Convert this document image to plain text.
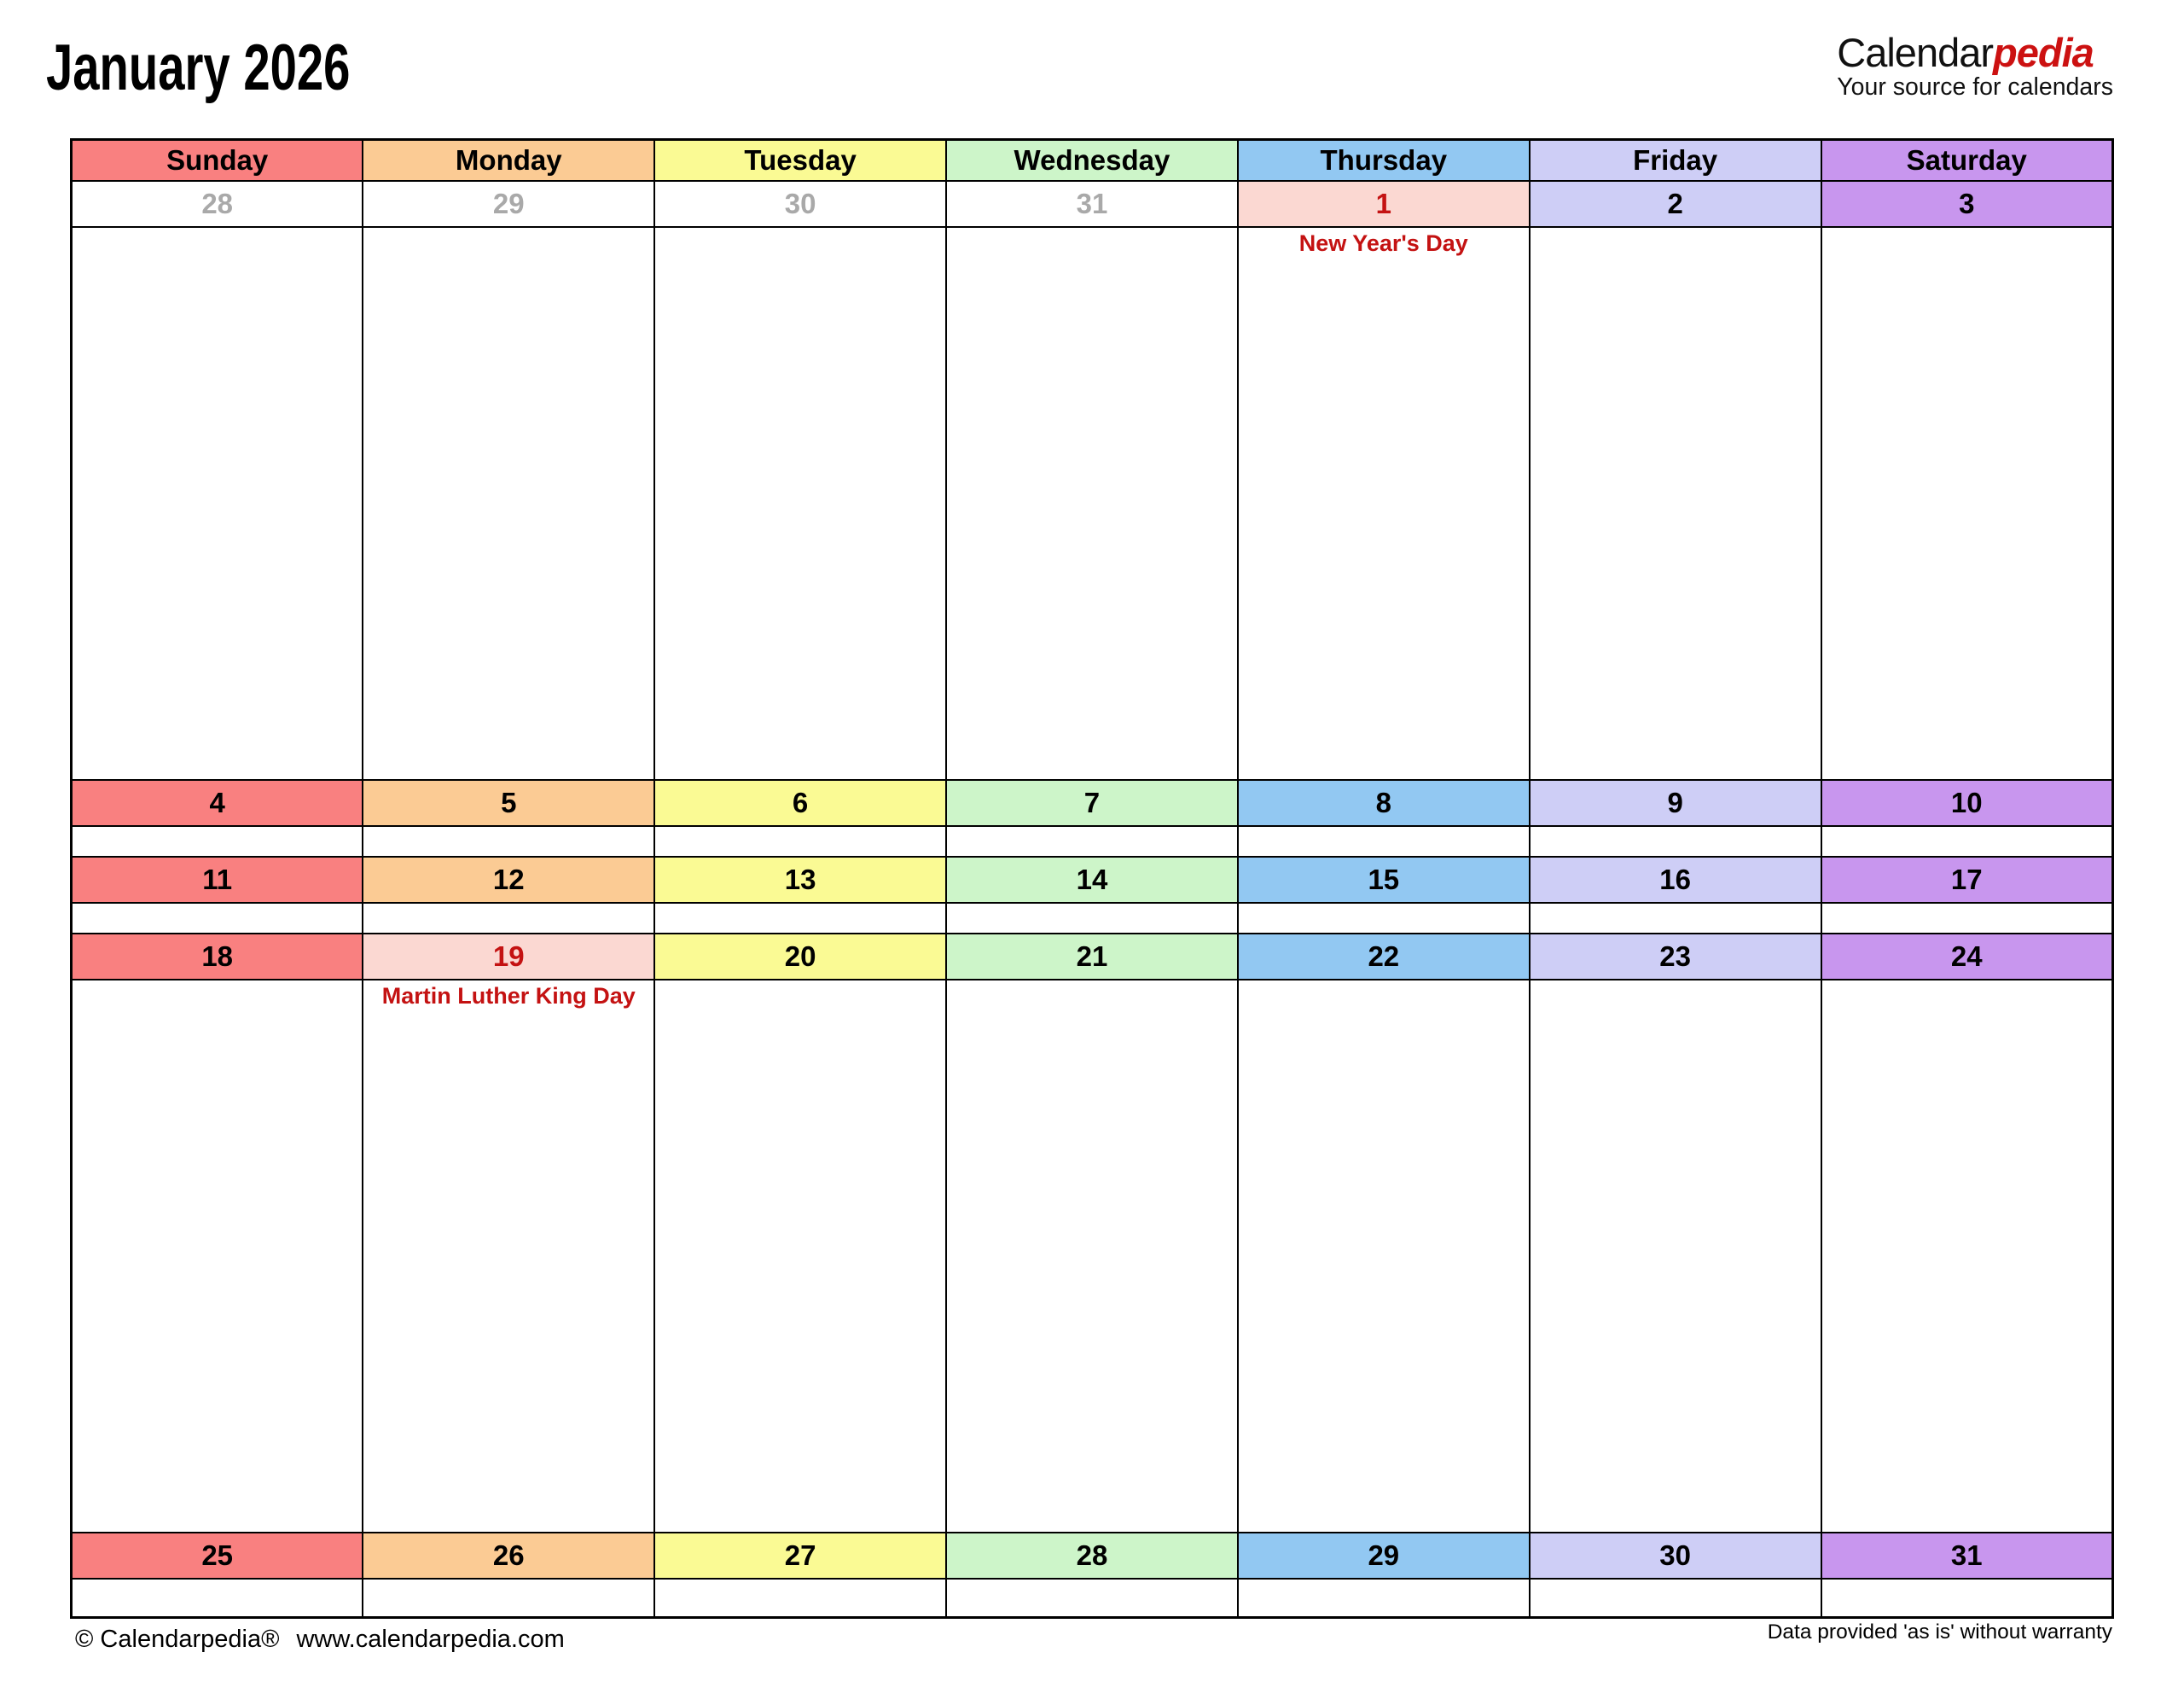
January 2026	Calendarpedia
Your source for calendars
Sunday	Monday	Tuesday	Wednesday	Thursday	Friday	Saturday
28	29	30	31	1	2	3

				New Year's Day		

4	5	6	7	8	9	10

11	12	13	14	15	16	17

18	19	20	21	22	23	24

	Martin Luther King Day					

25	26	27	28	29	30	31

© Calendarpedia® www.calendarpedia.com	Data provided 'as is' without warranty
